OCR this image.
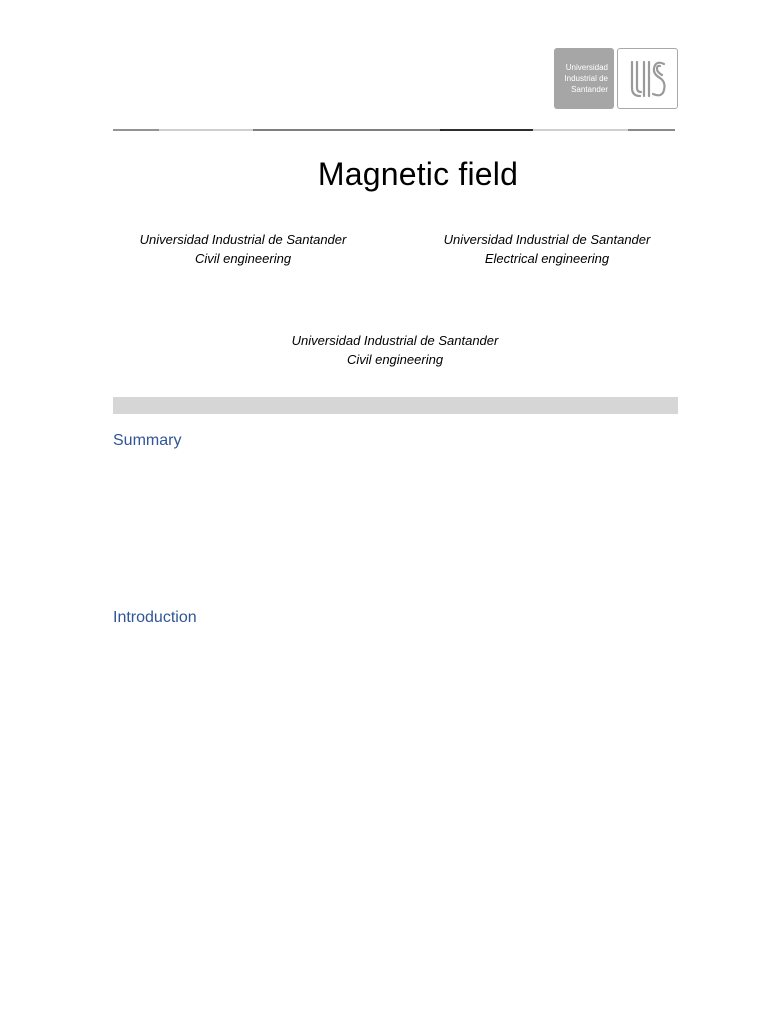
Universidad
Industrial de
Santander
Magnetic field
Universidad Industrial de Santander
Civil engineering
Universidad Industrial de Santander
Electrical engineering
Universidad Industrial de Santander
Civil engineering
Summary
Introduction
